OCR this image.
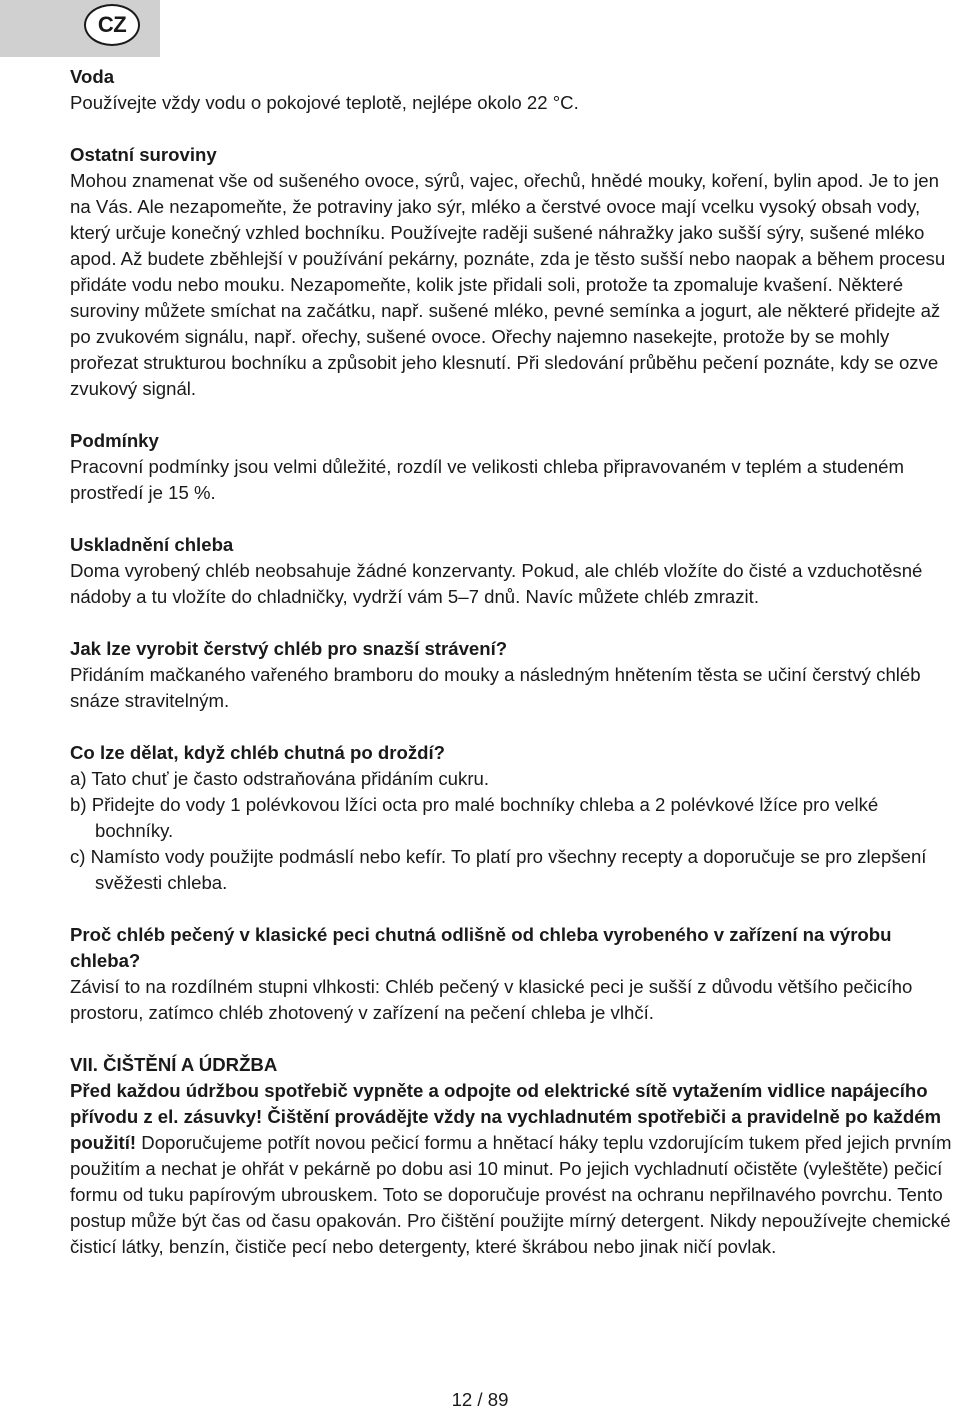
CZ
Voda

Používejte vždy vodu o pokojové teplotě, nejlépe okolo 22 °C.

Ostatní suroviny

Mohou znamenat vše od sušeného ovoce, sýrů, vajec, ořechů, hnědé mouky, koření, bylin apod. Je to jen na Vás. Ale nezapomeňte, že potraviny jako sýr, mléko a čerstvé ovoce mají vcelku vysoký obsah vody, který určuje konečný vzhled bochníku. Používejte raději sušené náhražky jako sušší sýry, sušené mléko apod. Až budete zběhlejší v používání pekárny, poznáte, zda je těsto sušší nebo naopak a během procesu přidáte vodu nebo mouku. Nezapomeňte, kolik jste přidali soli, protože ta zpomaluje kvašení. Některé suroviny můžete smíchat na začátku, např. sušené mléko, pevné semínka a jogurt, ale některé přidejte až po zvukovém signálu, např. ořechy, sušené ovoce. Ořechy najemno nasekejte, protože by se mohly prořezat strukturou bochníku a způsobit jeho klesnutí. Při sledování průběhu pečení poznáte, kdy se ozve zvukový signál.

Podmínky

Pracovní podmínky jsou velmi důležité, rozdíl ve velikosti chleba připravovaném v teplém a studeném prostředí je 15 %.

Uskladnění chleba

Doma vyrobený chléb neobsahuje žádné konzervanty. Pokud, ale chléb vložíte do čisté a vzduchotěsné nádoby a tu vložíte do chladničky, vydrží vám 5–7 dnů. Navíc můžete chléb zmrazit.

Jak lze vyrobit čerstvý chléb pro snazší strávení?

Přidáním mačkaného vařeného bramboru do mouky a následným hnětením těsta se učiní čerstvý chléb snáze stravitelným.

Co lze dělat, když chléb chutná po droždí?

a) Tato chuť je často odstraňována přidáním cukru.

b) Přidejte do vody 1 polévkovou lžíci octa pro malé bochníky chleba a 2 polévkové lžíce pro velké bochníky.

c) Namísto vody použijte podmáslí nebo kefír. To platí pro všechny recepty a doporučuje se pro zlepšení svěžesti chleba.

Proč chléb pečený v klasické peci chutná odlišně od chleba vyrobeného v zařízení na výrobu chleba?

Závisí to na rozdílném stupni vlhkosti: Chléb pečený v klasické peci je sušší z důvodu většího pečicího prostoru, zatímco chléb zhotovený v zařízení na pečení chleba je vlhčí.

VII. ČIŠTĚNÍ A ÚDRŽBA

Před každou údržbou spotřebič vypněte a odpojte od elektrické sítě vytažením vidlice napájecího přívodu z el. zásuvky! Čištění provádějte vždy na vychladnutém spotřebiči a pravidelně po každém použití! Doporučujeme potřít novou pečicí formu a hnětací háky teplu vzdorujícím tukem před jejich prvním použitím a nechat je ohřát v pekárně po dobu asi 10 minut. Po jejich vychladnutí očistěte (vyleštěte) pečicí formu od tuku papírovým ubrouskem. Toto se doporučuje provést na ochranu nepřilnavého povrchu. Tento postup může být čas od času opakován. Pro čištění použijte mírný detergent. Nikdy nepoužívejte chemické čisticí látky, benzín, čističe pecí nebo detergenty, které škrábou nebo jinak ničí povlak.

12 / 89
